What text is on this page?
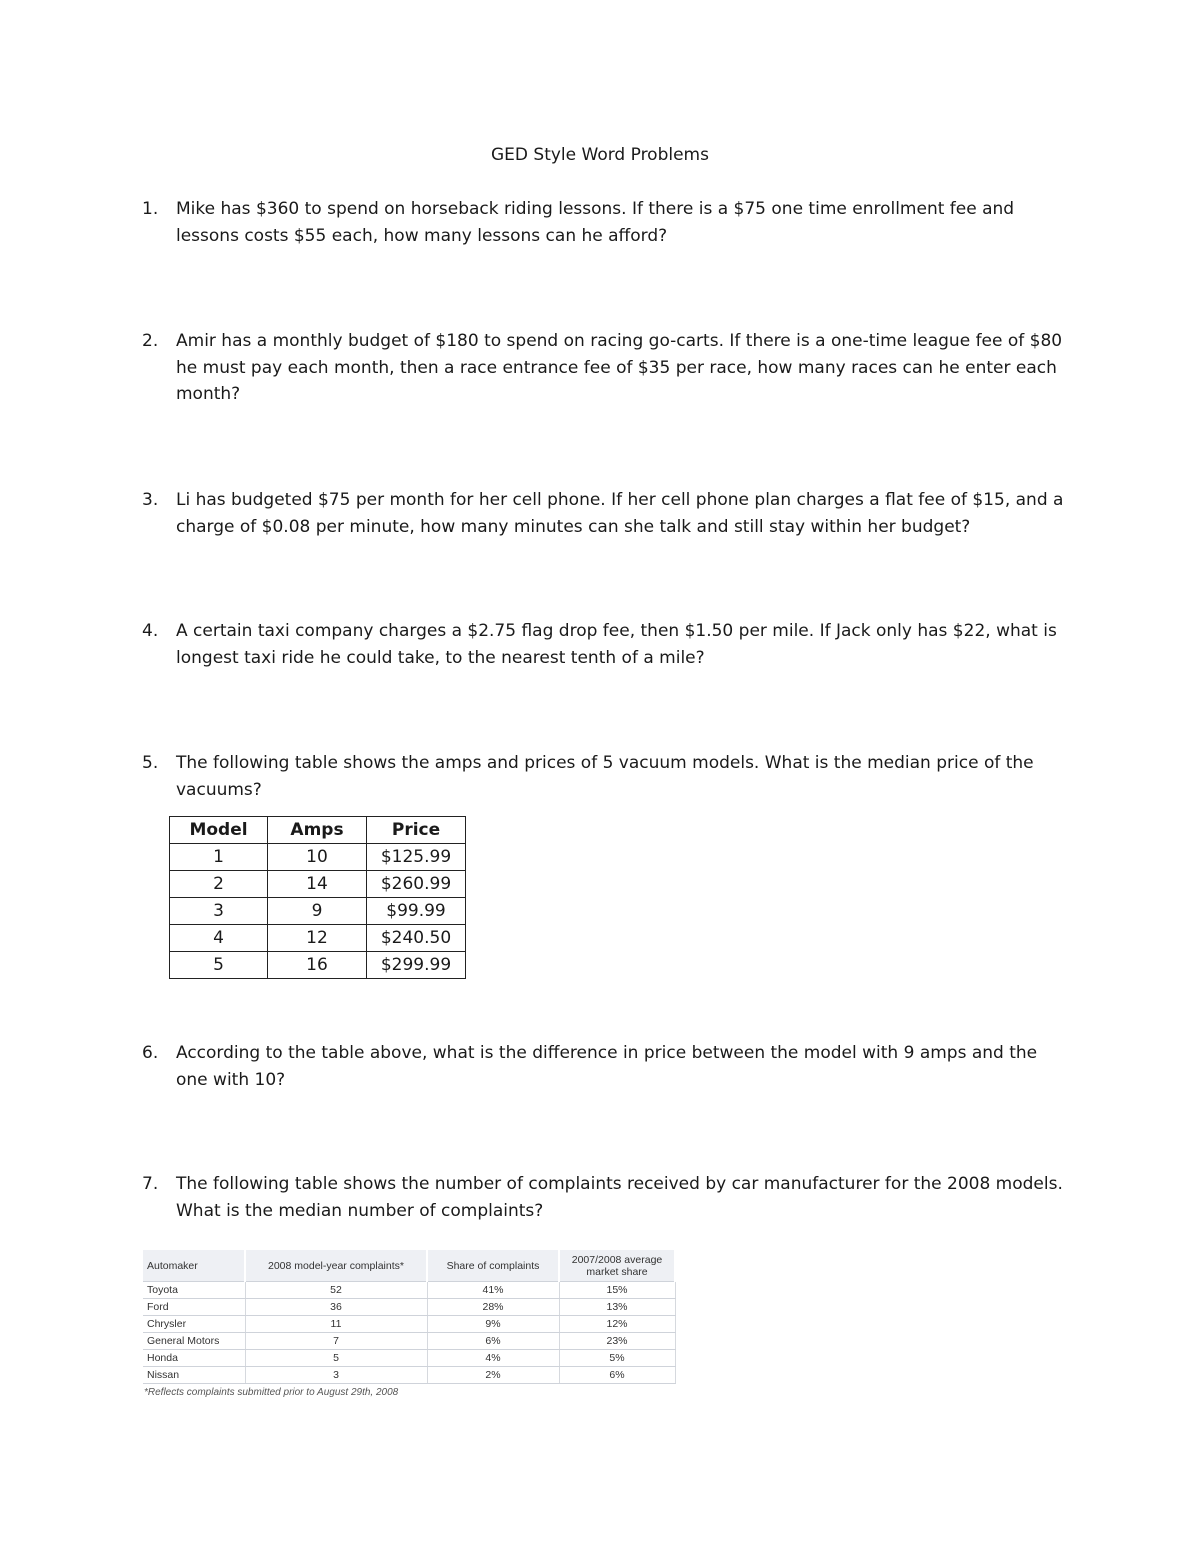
GED Style Word Problems
1.	Mike has $360 to spend on horseback riding lessons. If there is a $75 one time enrollment fee and lessons costs $55 each, how many lessons can he afford?
2.	Amir has a monthly budget of $180 to spend on racing go-carts. If there is a one-time league fee of $80 he must pay each month, then a race entrance fee of $35 per race, how many races can he enter each month?
3.	Li has budgeted $75 per month for her cell phone. If her cell phone plan charges a flat fee of $15, and a charge of $0.08 per minute, how many minutes can she talk and still stay within her budget?
4.	A certain taxi company charges a $2.75 flag drop fee, then $1.50 per mile. If Jack only has $22, what is longest taxi ride he could take, to the nearest tenth of a mile?
5.	The following table shows the amps and prices of 5 vacuum models. What is the median price of the vacuums?
Model	Amps	Price
1	10	$125.99
2	14	$260.99
3	9	$99.99
4	12	$240.50
5	16	$299.99
6.	According to the table above, what is the difference in price between the model with 9 amps and the one with 10?
7.	The following table shows the number of complaints received by car manufacturer for the 2008 models. What is the median number of complaints?
Automaker	2008 model-year complaints*	Share of complaints	2007/2008 average market share
Toyota	52	41%	15%
Ford	36	28%	13%
Chrysler	11	9%	12%
General Motors	7	6%	23%
Honda	5	4%	5%
Nissan	3	2%	6%
*Reflects complaints submitted prior to August 29th, 2008
